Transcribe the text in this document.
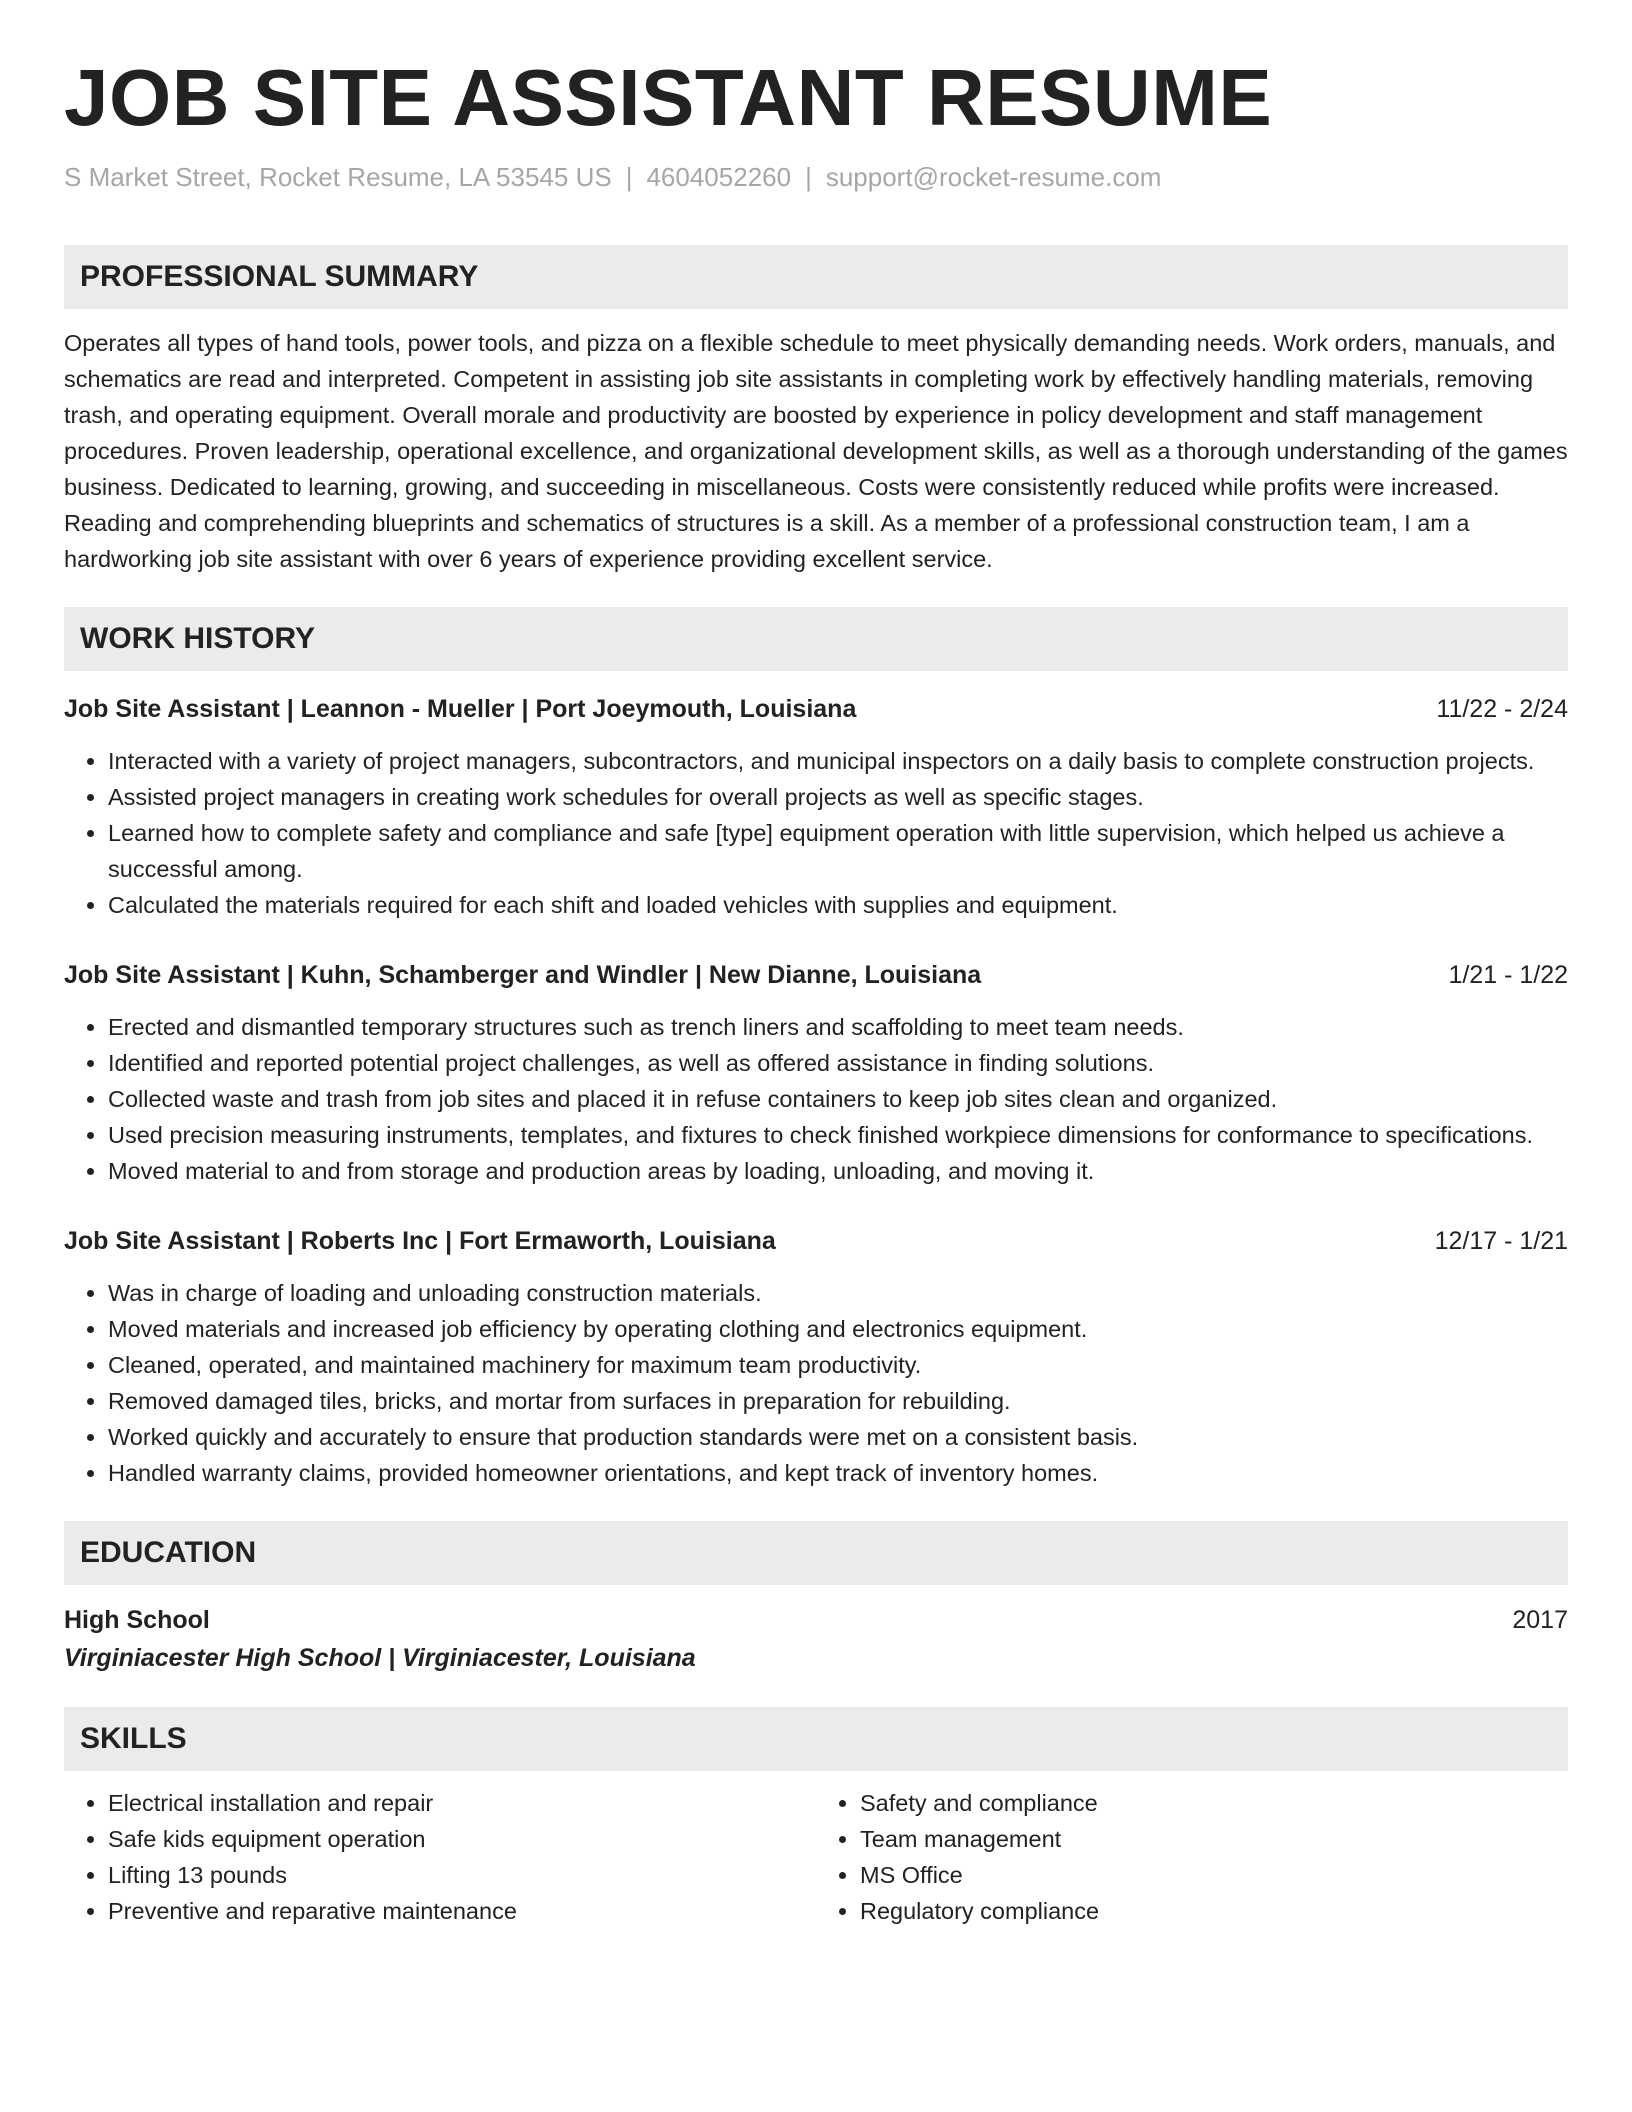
JOB SITE ASSISTANT RESUME
S Market Street, Rocket Resume, LA 53545 US | 4604052260 | support@rocket-resume.com
PROFESSIONAL SUMMARY

Operates all types of hand tools, power tools, and pizza on a flexible schedule to meet physically demanding needs. Work orders, manuals, and schematics are read and interpreted. Competent in assisting job site assistants in completing work by effectively handling materials, removing trash, and operating equipment. Overall morale and productivity are boosted by experience in policy development and staff management procedures. Proven leadership, operational excellence, and organizational development skills, as well as a thorough understanding of the games business. Dedicated to learning, growing, and succeeding in miscellaneous. Costs were consistently reduced while profits were increased. Reading and comprehending blueprints and schematics of structures is a skill. As a member of a professional construction team, I am a hardworking job site assistant with over 6 years of experience providing excellent service.

WORK HISTORY
Job Site Assistant | Leannon - Mueller | Port Joeymouth, Louisiana	11/22 - 2/24
• Interacted with a variety of project managers, subcontractors, and municipal inspectors on a daily basis to complete construction projects.
• Assisted project managers in creating work schedules for overall projects as well as specific stages.
• Learned how to complete safety and compliance and safe [type] equipment operation with little supervision, which helped us achieve a successful among.
• Calculated the materials required for each shift and loaded vehicles with supplies and equipment.
Job Site Assistant | Kuhn, Schamberger and Windler | New Dianne, Louisiana	1/21 - 1/22
• Erected and dismantled temporary structures such as trench liners and scaffolding to meet team needs.
• Identified and reported potential project challenges, as well as offered assistance in finding solutions.
• Collected waste and trash from job sites and placed it in refuse containers to keep job sites clean and organized.
• Used precision measuring instruments, templates, and fixtures to check finished workpiece dimensions for conformance to specifications.
• Moved material to and from storage and production areas by loading, unloading, and moving it.
Job Site Assistant | Roberts Inc | Fort Ermaworth, Louisiana	12/17 - 1/21
• Was in charge of loading and unloading construction materials.
• Moved materials and increased job efficiency by operating clothing and electronics equipment.
• Cleaned, operated, and maintained machinery for maximum team productivity.
• Removed damaged tiles, bricks, and mortar from surfaces in preparation for rebuilding.
• Worked quickly and accurately to ensure that production standards were met on a consistent basis.
• Handled warranty claims, provided homeowner orientations, and kept track of inventory homes.
EDUCATION
High School	2017
Virginiacester High School | Virginiacester, Louisiana
SKILLS
• Electrical installation and repair
• Safe kids equipment operation
• Lifting 13 pounds
• Preventive and reparative maintenance
• Safety and compliance
• Team management
• MS Office
• Regulatory compliance
